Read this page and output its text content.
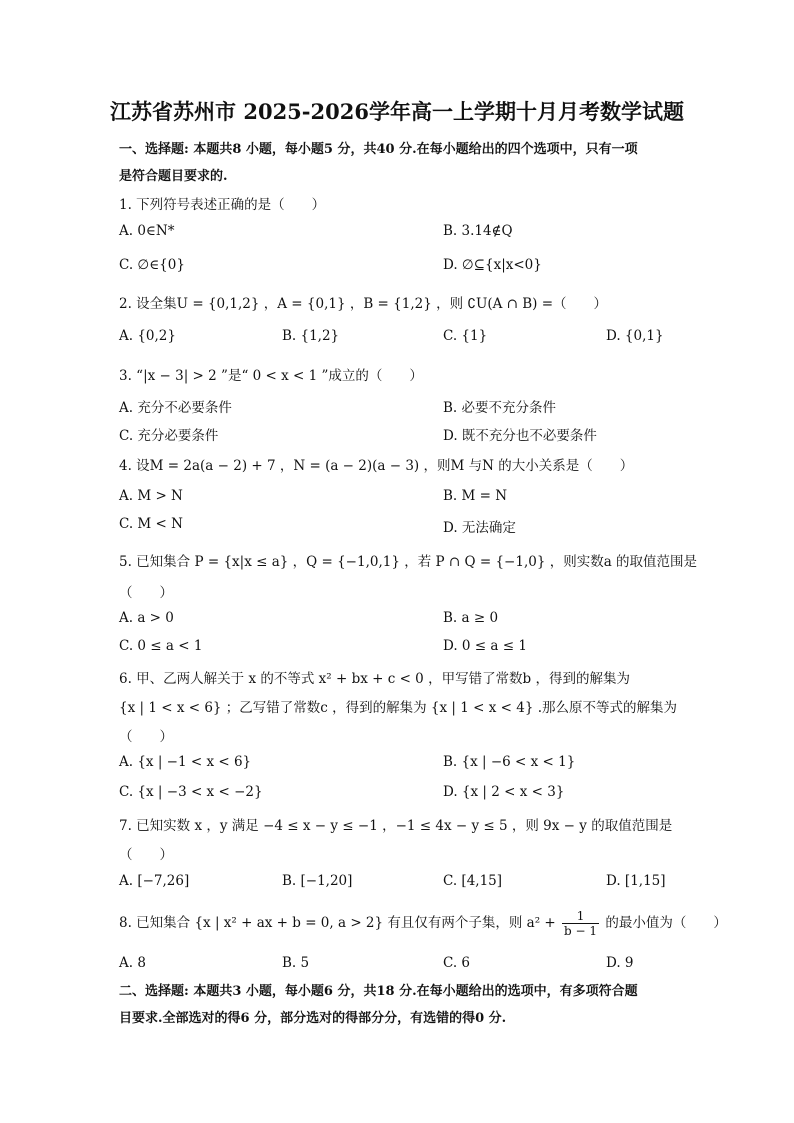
江苏省苏州市 2025-2026学年高一上学期十月月考数学试题
一、选择题: 本题共8 小题，每小题5 分，共40 分.在每小题给出的四个选项中，只有一项
是符合题目要求的.
1. 下列符号表述正确的是（　　）
A. 0∈N*	B. 3.14∉Q
C. ∅∈{0}	D. ∅⊆{x|x<0}
2. 设全集U = {0,1,2} ，A = {0,1} ，B = {1,2} ，则 ∁U(A ∩ B) =（　　）
A. {0,2}	B. {1,2}	C. {1}	D. {0,1}
3. “|x − 3| > 2 ”是“ 0 < x < 1 ”成立的（　　）
A. 充分不必要条件	B. 必要不充分条件
C. 充分必要条件	D. 既不充分也不必要条件
4. 设M = 2a(a − 2) + 7 ，N = (a − 2)(a − 3) ，则M 与N 的大小关系是（　　）
A. M > N	B. M = N
C. M < N	D. 无法确定
5. 已知集合 P = {x|x ≤ a} ，Q = {−1,0,1} ，若 P ∩ Q = {−1,0} ，则实数a 的取值范围是
（　　）
A. a > 0	B. a ≥ 0
C. 0 ≤ a < 1	D. 0 ≤ a ≤ 1
6. 甲、乙两人解关于 x 的不等式 x² + bx + c < 0 ，甲写错了常数b ，得到的解集为
{x | 1 < x < 6} ；乙写错了常数c ，得到的解集为 {x | 1 < x < 4} .那么原不等式的解集为
（　　）
A. {x | −1 < x < 6}	B. {x | −6 < x < 1}
C. {x | −3 < x < −2}	D. {x | 2 < x < 3}
7. 已知实数 x ，y 满足 −4 ≤ x − y ≤ −1 ，−1 ≤ 4x − y ≤ 5 ，则 9x − y 的取值范围是
（　　）
A. [−7,26]	B. [−1,20]	C. [4,15]	D. [1,15]
8. 已知集合 {x | x² + ax + b = 0, a > 2} 有且仅有两个子集，则 $a^2 + \frac{1}{b - 1}$ 的最小值为（　　）
A. 8	B. 5	C. 6	D. 9
二、选择题: 本题共3 小题，每小题6 分，共18 分.在每小题给出的选项中，有多项符合题
目要求.全部选对的得6 分，部分选对的得部分分，有选错的得0 分.
